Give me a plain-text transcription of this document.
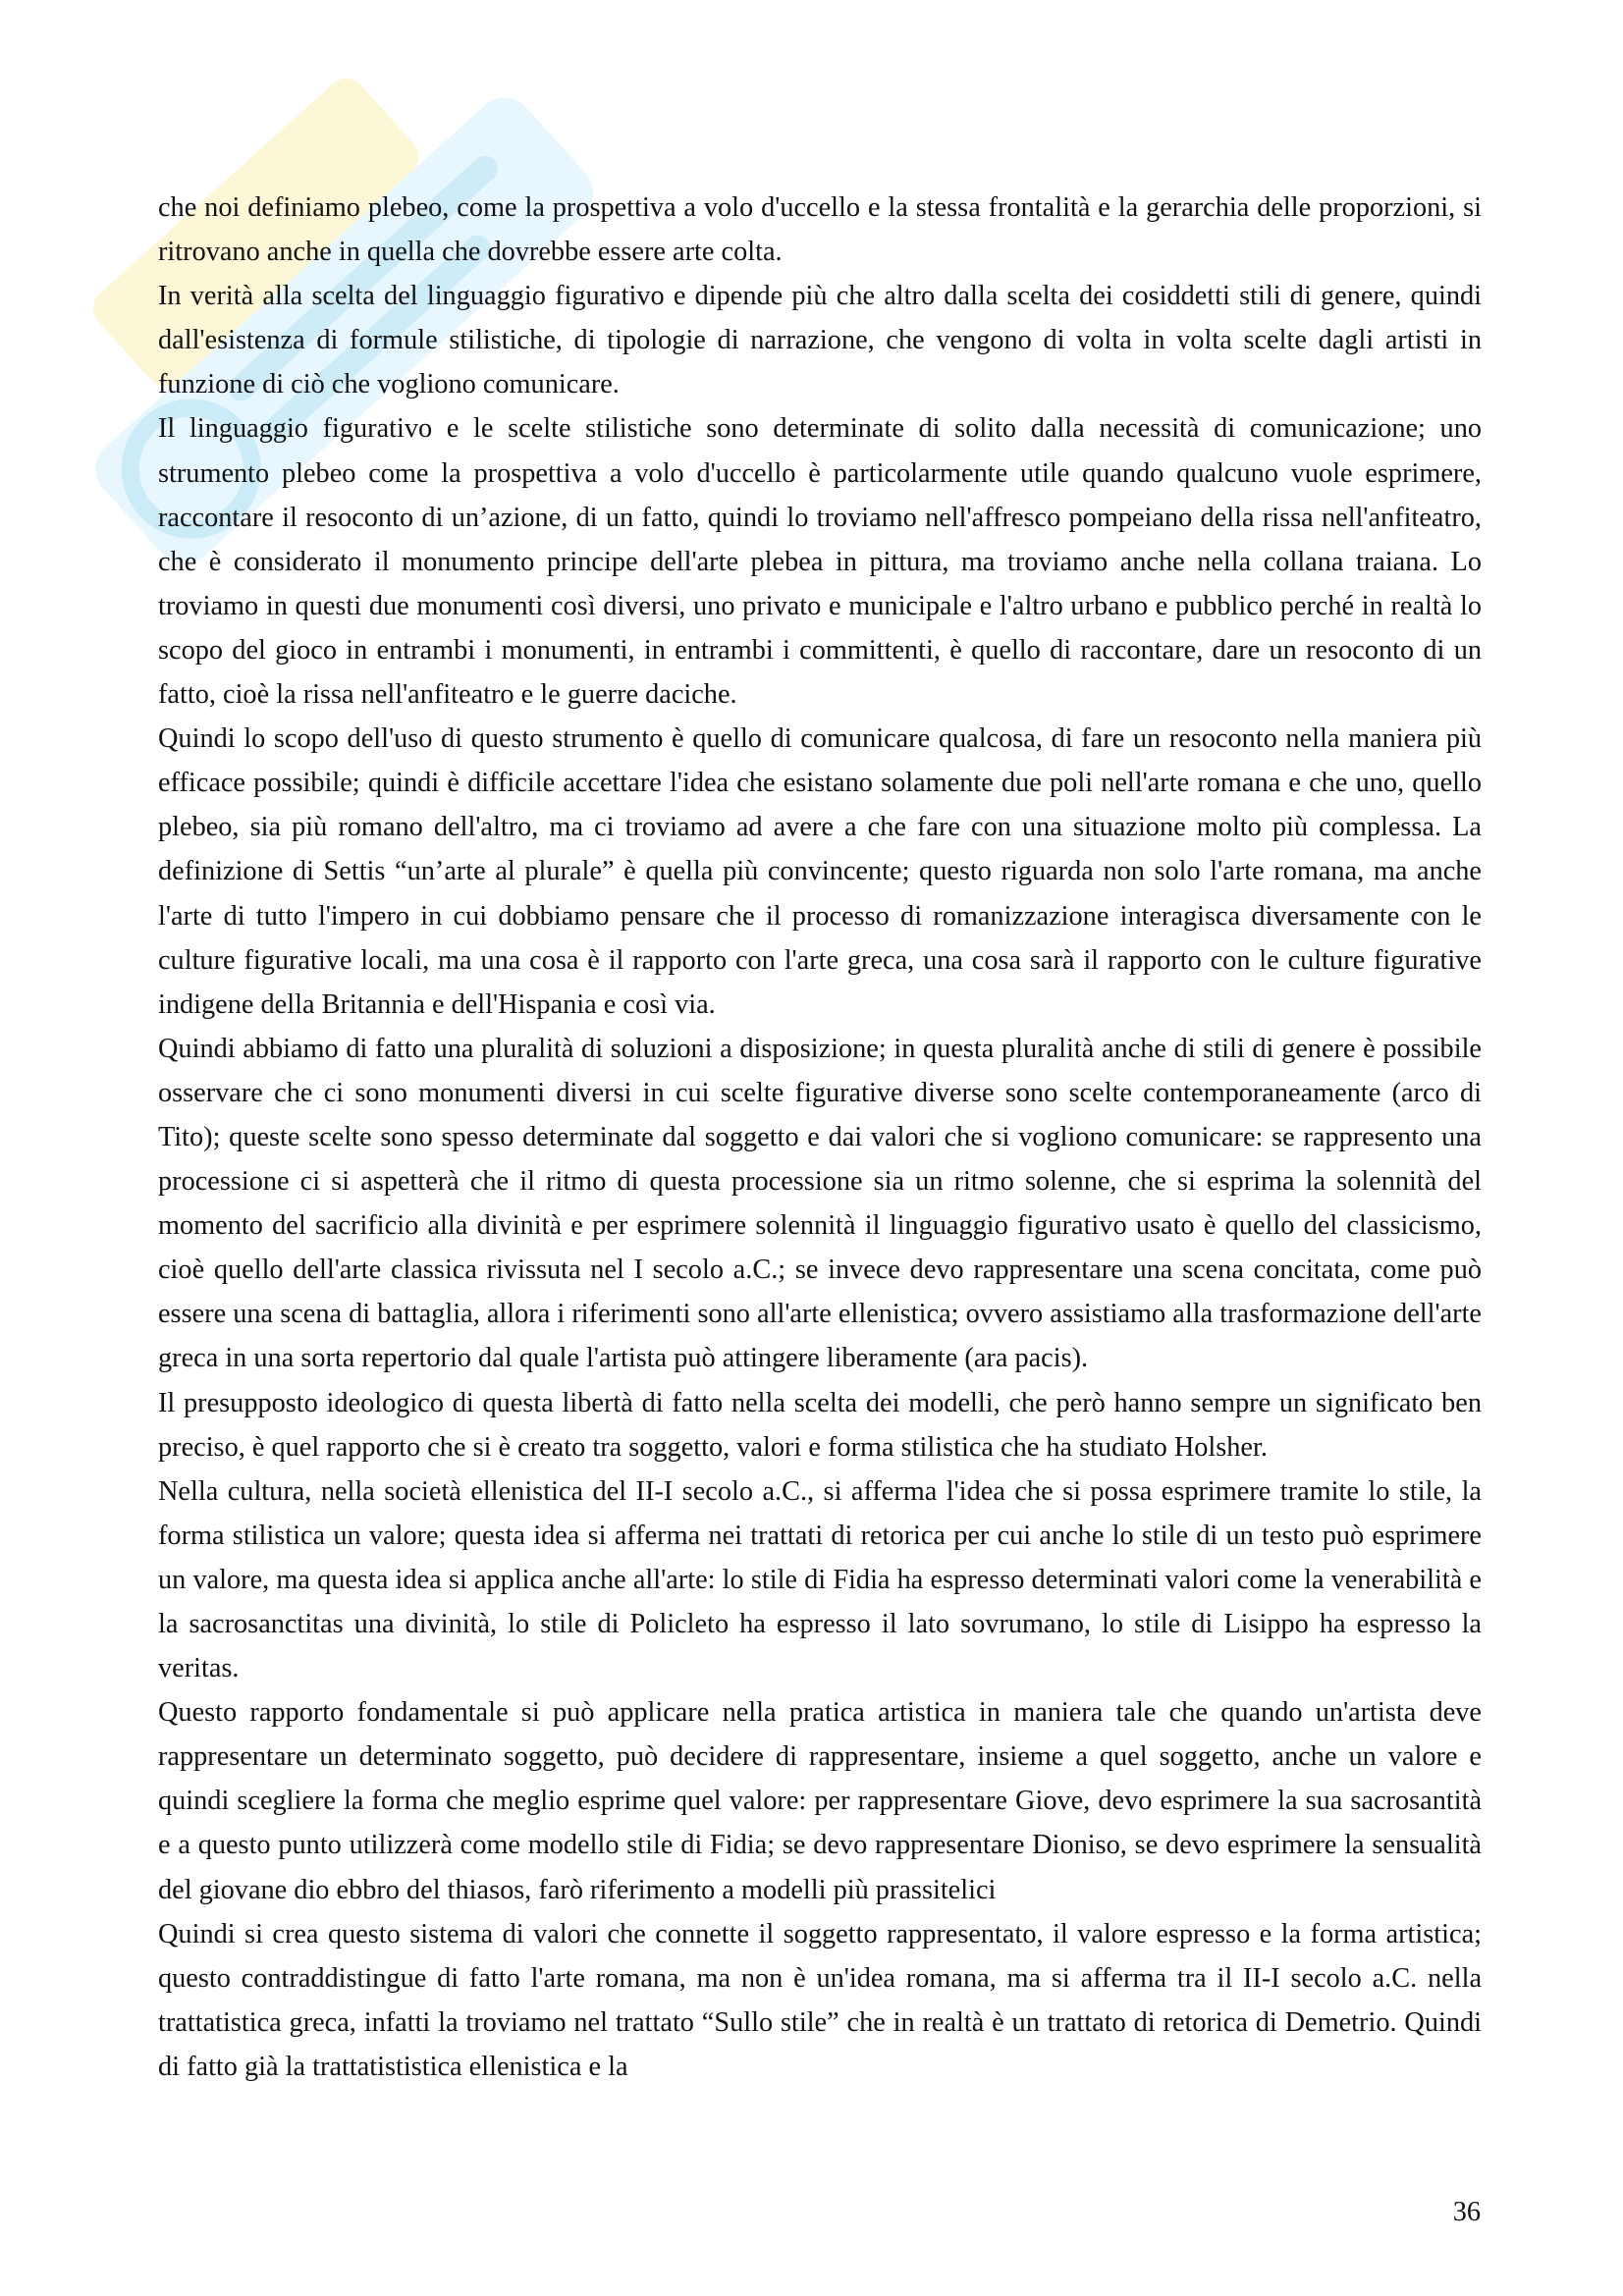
che noi definiamo plebeo, come la prospettiva a volo d'uccello e la stessa frontalità e la gerarchia delle proporzioni, si ritrovano anche in quella che dovrebbe essere arte colta.

In verità alla scelta del linguaggio figurativo e dipende più che altro dalla scelta dei cosiddetti stili di genere, quindi dall'esistenza di formule stilistiche, di tipologie di narrazione, che vengono di volta in volta scelte dagli artisti in funzione di ciò che vogliono comunicare.

Il linguaggio figurativo e le scelte stilistiche sono determinate di solito dalla necessità di comunicazione; uno strumento plebeo come la prospettiva a volo d'uccello è particolarmente utile quando qualcuno vuole esprimere, raccontare il resoconto di un’azione, di un fatto, quindi lo troviamo nell'affresco pompeiano della rissa nell'anfiteatro, che è considerato il monumento principe dell'arte plebea in pittura, ma troviamo anche nella collana traiana. Lo troviamo in questi due monumenti così diversi, uno privato e municipale e l'altro urbano e pubblico perché in realtà lo scopo del gioco in entrambi i monumenti, in entrambi i committenti, è quello di raccontare, dare un resoconto di un fatto, cioè la rissa nell'anfiteatro e le guerre daciche.

Quindi lo scopo dell'uso di questo strumento è quello di comunicare qualcosa, di fare un resoconto nella maniera più efficace possibile; quindi è difficile accettare l'idea che esistano solamente due poli nell'arte romana e che uno, quello plebeo, sia più romano dell'altro, ma ci troviamo ad avere a che fare con una situazione molto più complessa. La definizione di Settis “un’arte al plurale” è quella più convincente; questo riguarda non solo l'arte romana, ma anche l'arte di tutto l'impero in cui dobbiamo pensare che il processo di romanizzazione interagisca diversamente con le culture figurative locali, ma una cosa è il rapporto con l'arte greca, una cosa sarà il rapporto con le culture figurative indigene della Britannia e dell'Hispania e così via.

Quindi abbiamo di fatto una pluralità di soluzioni a disposizione; in questa pluralità anche di stili di genere è possibile osservare che ci sono monumenti diversi in cui scelte figurative diverse sono scelte contemporaneamente (arco di Tito); queste scelte sono spesso determinate dal soggetto e dai valori che si vogliono comunicare: se rappresento una processione ci si aspetterà che il ritmo di questa processione sia un ritmo solenne, che si esprima la solennità del momento del sacrificio alla divinità e per esprimere solennità il linguaggio figurativo usato è quello del classicismo, cioè quello dell'arte classica rivissuta nel I secolo a.C.; se invece devo rappresentare una scena concitata, come può essere una scena di battaglia, allora i riferimenti sono all'arte ellenistica; ovvero assistiamo alla trasformazione dell'arte greca in una sorta repertorio dal quale l'artista può attingere liberamente (ara pacis).

Il presupposto ideologico di questa libertà di fatto nella scelta dei modelli, che però hanno sempre un significato ben preciso, è quel rapporto che si è creato tra soggetto, valori e forma stilistica che ha studiato Holsher.

Nella cultura, nella società ellenistica del II-I secolo a.C., si afferma l'idea che si possa esprimere tramite lo stile, la forma stilistica un valore; questa idea si afferma nei trattati di retorica per cui anche lo stile di un testo può esprimere un valore, ma questa idea si applica anche all'arte: lo stile di Fidia ha espresso determinati valori come la venerabilità e la sacrosanctitas una divinità, lo stile di Policleto ha espresso il lato sovrumano, lo stile di Lisippo ha espresso la veritas.

Questo rapporto fondamentale si può applicare nella pratica artistica in maniera tale che quando un'artista deve rappresentare un determinato soggetto, può decidere di rappresentare, insieme a quel soggetto, anche un valore e quindi scegliere la forma che meglio esprime quel valore: per rappresentare Giove, devo esprimere la sua sacrosantità e a questo punto utilizzerà come modello stile di Fidia; se devo rappresentare Dioniso, se devo esprimere la sensualità del giovane dio ebbro del thiasos, farò riferimento a modelli più prassitelici

Quindi si crea questo sistema di valori che connette il soggetto rappresentato, il valore espresso e la forma artistica; questo contraddistingue di fatto l'arte romana, ma non è un'idea romana, ma si afferma tra il II-I secolo a.C. nella trattatistica greca, infatti la troviamo nel trattato “Sullo stile” che in realtà è un trattato di retorica di Demetrio. Quindi di fatto già la trattatististica ellenistica e la

36
